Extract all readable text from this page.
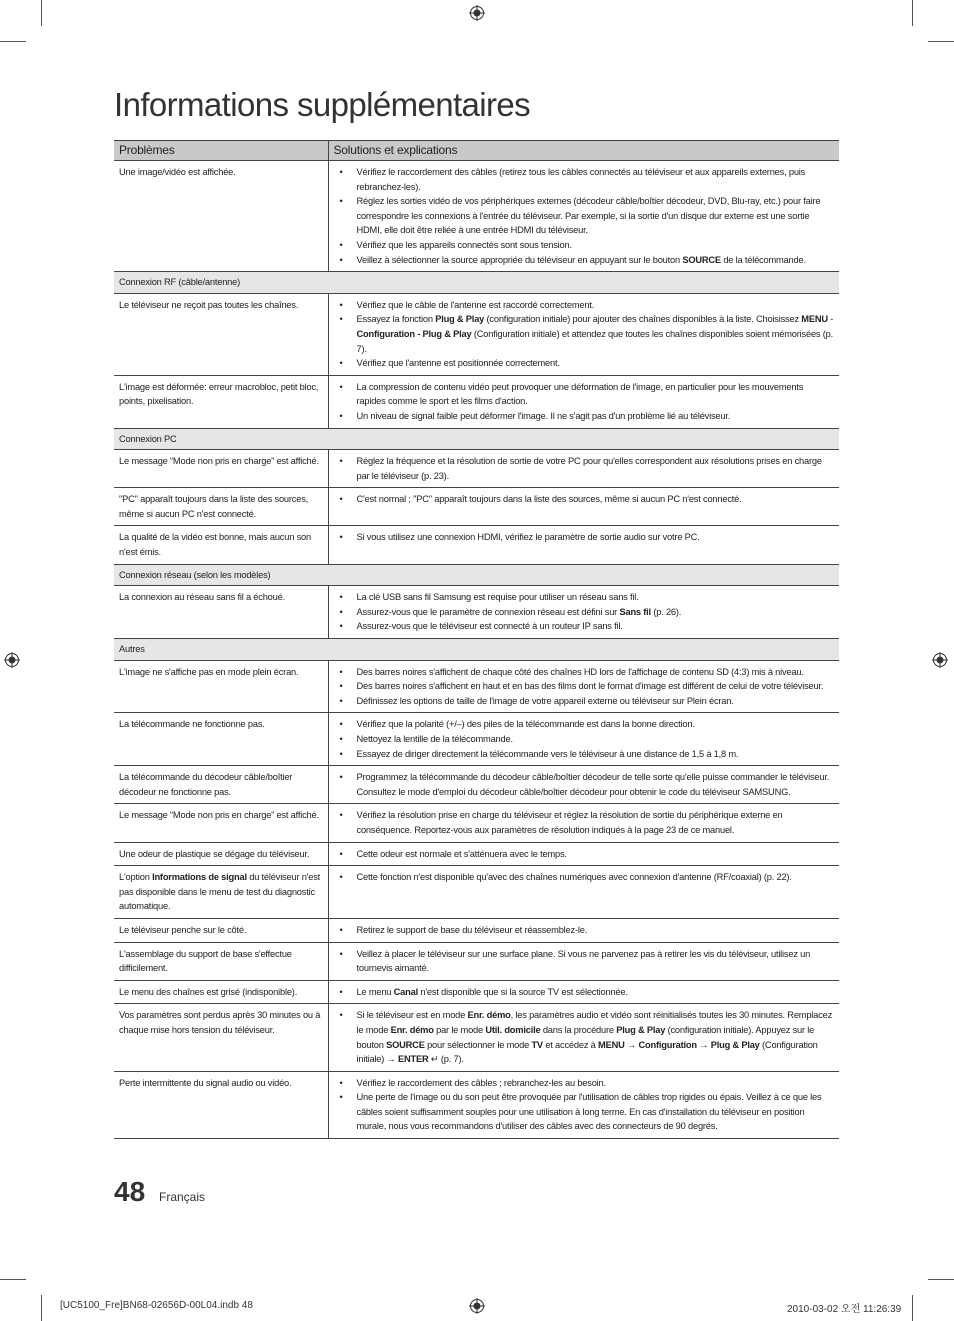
Informations supplémentaires
Problèmes	Solutions et explications
Une image/vidéo est affichée.	• Vérifiez le raccordement des câbles (retirez tous les câbles connectés au téléviseur et aux appareils externes, puis rebranchez-les).
• Réglez les sorties vidéo de vos périphériques externes (décodeur câble/boîtier décodeur, DVD, Blu-ray, etc.) pour faire correspondre les connexions à l'entrée du téléviseur. Par exemple, si la sortie d'un disque dur externe est une sortie HDMI, elle doit être reliée à une entrée HDMI du téléviseur.
• Vérifiez que les appareils connectés sont sous tension.
• Veillez à sélectionner la source appropriée du téléviseur en appuyant sur le bouton SOURCE de la télécommande.

Connexion RF (câble/antenne)	
Le téléviseur ne reçoit pas toutes les chaînes.	• Vérifiez que le câble de l'antenne est raccordé correctement.
• Essayez la fonction Plug & Play (configuration initiale) pour ajouter des chaînes disponibles à la liste. Choisissez MENU - Configuration - Plug & Play (Configuration initiale) et attendez que toutes les chaînes disponibles soient mémorisées (p. 7).
• Vérifiez que l'antenne est positionnée correctement.

L'image est déformée: erreur macrobloc, petit bloc, points, pixelisation.	• La compression de contenu vidéo peut provoquer une déformation de l'image, en particulier pour les mouvements rapides comme le sport et les films d'action.
• Un niveau de signal faible peut déformer l'image. Il ne s'agit pas d'un problème lié au téléviseur.

Connexion PC	
Le message “Mode non pris en charge” est affiché.	• Réglez la fréquence et la résolution de sortie de votre PC pour qu'elles correspondent aux résolutions prises en charge par le téléviseur (p. 23).

"PC" apparaît toujours dans la liste des sources, même si aucun PC n'est connecté.	• C'est normal ; "PC" apparaît toujours dans la liste des sources, même si aucun PC n'est connecté.

La qualité de la vidéo est bonne, mais aucun son n'est émis.	• Si vous utilisez une connexion HDMI, vérifiez le paramètre de sortie audio sur votre PC.

Connexion réseau (selon les modèles)	
La connexion au réseau sans fil a échoué.	• La clé USB sans fil Samsung est requise pour utiliser un réseau sans fil.
• Assurez-vous que le paramètre de connexion réseau est défini sur Sans fil (p. 26).
• Assurez-vous que le téléviseur est connecté à un routeur IP sans fil.

Autres	
L'image ne s'affiche pas en mode plein écran.	• Des barres noires s'affichent de chaque côté des chaînes HD lors de l'affichage de contenu SD (4:3) mis à niveau.
• Des barres noires s'affichent en haut et en bas des films dont le format d'image est différent de celui de votre téléviseur.
• Définissez les options de taille de l'image de votre appareil externe ou téléviseur sur Plein écran.

La télécommande ne fonctionne pas.	• Vérifiez que la polarité (+/–) des piles de la télécommande est dans la bonne direction.
• Nettoyez la lentille de la télécommande.
• Essayez de diriger directement la télécommande vers le téléviseur à une distance de 1,5 à 1,8 m.

La télécommande du décodeur câble/boîtier décodeur ne fonctionne pas.	• Programmez la télécommande du décodeur câble/boîtier décodeur de telle sorte qu'elle puisse commander le téléviseur. Consultez le mode d'emploi du décodeur câble/boîtier décodeur pour obtenir le code du téléviseur SAMSUNG.

Le message “Mode non pris en charge” est affiché.	• Vérifiez la résolution prise en charge du téléviseur et réglez la résolution de sortie du périphérique externe en conséquence. Reportez-vous aux paramètres de résolution indiqués à la page 23 de ce manuel.

Une odeur de plastique se dégage du téléviseur.	• Cette odeur est normale et s'atténuera avec le temps.

L'option Informations de signal du téléviseur n'est pas disponible dans le menu de test du diagnostic automatique.	• Cette fonction n'est disponible qu'avec des chaînes numériques avec connexion d'antenne (RF/coaxial) (p. 22).

Le téléviseur penche sur le côté.	• Retirez le support de base du téléviseur et réassemblez-le.

L'assemblage du support de base s'effectue difficilement.	• Veillez à placer le téléviseur sur une surface plane. Si vous ne parvenez pas à retirer les vis du téléviseur, utilisez un tournevis aimanté.

Le menu des chaînes est grisé (indisponible).	• Le menu Canal n'est disponible que si la source TV est sélectionnée.

Vos paramètres sont perdus après 30 minutes ou à chaque mise hors tension du téléviseur.	• Si le téléviseur est en mode Enr. démo, les paramètres audio et vidéo sont réinitialisés toutes les 30 minutes. Remplacez le mode Enr. démo par le mode Util. domicile dans la procédure Plug & Play (configuration initiale). Appuyez sur le bouton SOURCE pour sélectionner le mode TV et accédez à MENU → Configuration → Plug & Play (Configuration initiale) → ENTER ↵ (p. 7).

Perte intermittente du signal audio ou vidéo.	• Vérifiez le raccordement des câbles ; rebranchez-les au besoin.
• Une perte de l'image ou du son peut être provoquée par l'utilisation de câbles trop rigides ou épais. Veillez à ce que les câbles soient suffisamment souples pour une utilisation à long terme. En cas d'installation du téléviseur en position murale, nous vous recommandons d'utiliser des câbles avec des connecteurs de 90 degrés.
48 Français
[UC5100_Fre]BN68-02656D-00L04.indb 48	2010-03-02 오전 11:26:39
